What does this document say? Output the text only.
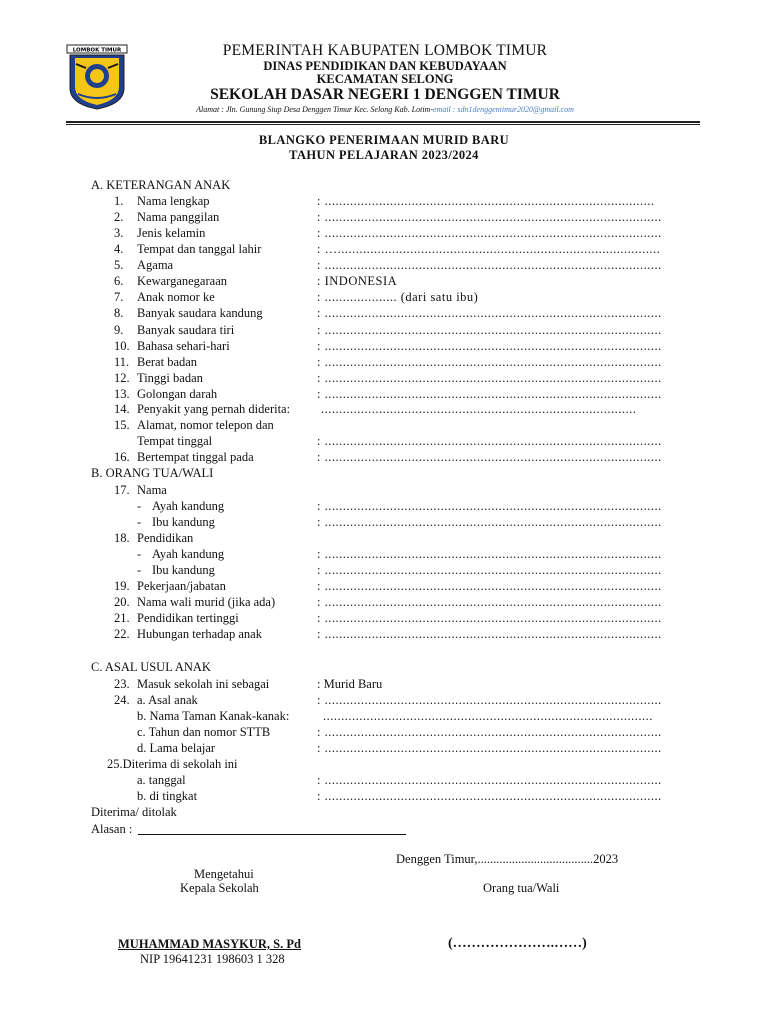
LOMBOK TIMUR	PEMERINTAH KABUPATEN LOMBOK TIMUR
DINAS PENDIDIKAN DAN KEBUDAYAAN
KECAMATAN SELONG
SEKOLAH DASAR NEGERI 1 DENGGEN TIMUR
Alamat : Jln. Gunung Siup Desa Denggen Timur Kec. Selong Kab. Lotim-email : sdn1denggentimur2020@gmail.com
BLANGKO PENERIMAAN MURID BARU
TAHUN PELAJARAN 2023/2024
A. KETERANGAN ANAK
1. Nama lengkap	: ...........................................................................................
2. Nama panggilan	: .............................................................................................
3. Jenis kelamin	: .............................................................................................
4. Tempat dan tanggal lahir	: ….........................................................................................
5. Agama	: .............................................................................................
6. Kewarganegaraan	: INDONESIA
7. Anak nomor ke	: .................... (dari satu ibu)
8. Banyak saudara kandung	: .............................................................................................
9. Banyak saudara tiri	: .............................................................................................
10. Bahasa sehari-hari	: .............................................................................................
11. Berat badan	: .............................................................................................
12. Tinggi badan	: .............................................................................................
13. Golongan darah	: .............................................................................................
14. Penyakit yang pernah diderita: .......................................................................................
15. Alamat, nomor telepon dan
Tempat tinggal	: .............................................................................................
16. Bertempat tinggal pada	: .............................................................................................
B. ORANG TUA/WALI
17. Nama
- Ayah kandung	: .............................................................................................
- Ibu kandung	: .............................................................................................
18. Pendidikan
- Ayah kandung	: .............................................................................................
- Ibu kandung	: .............................................................................................
19. Pekerjaan/jabatan	: .............................................................................................
20. Nama wali murid (jika ada)	: .............................................................................................
21. Pendidikan tertinggi	: .............................................................................................
22. Hubungan terhadap anak	: .............................................................................................
C. ASAL USUL ANAK
23. Masuk sekolah ini sebagai	: Murid Baru
24. a. Asal anak	: .............................................................................................
b. Nama Taman Kanak-kanak:	...........................................................................................
c. Tahun dan nomor STTB	: .............................................................................................
d. Lama belajar	: .............................................................................................
25.Diterima di sekolah ini
a. tanggal	: .............................................................................................
b. di tingkat	: .............................................................................................
Diterima/ ditolak
Alasan :
Denggen Timur,.....................................2023
Mengetahui
Kepala Sekolah	Orang tua/Wali
MUHAMMAD MASYKUR, S. Pd
NIP 19641231 198603 1 328
(………………….……)
